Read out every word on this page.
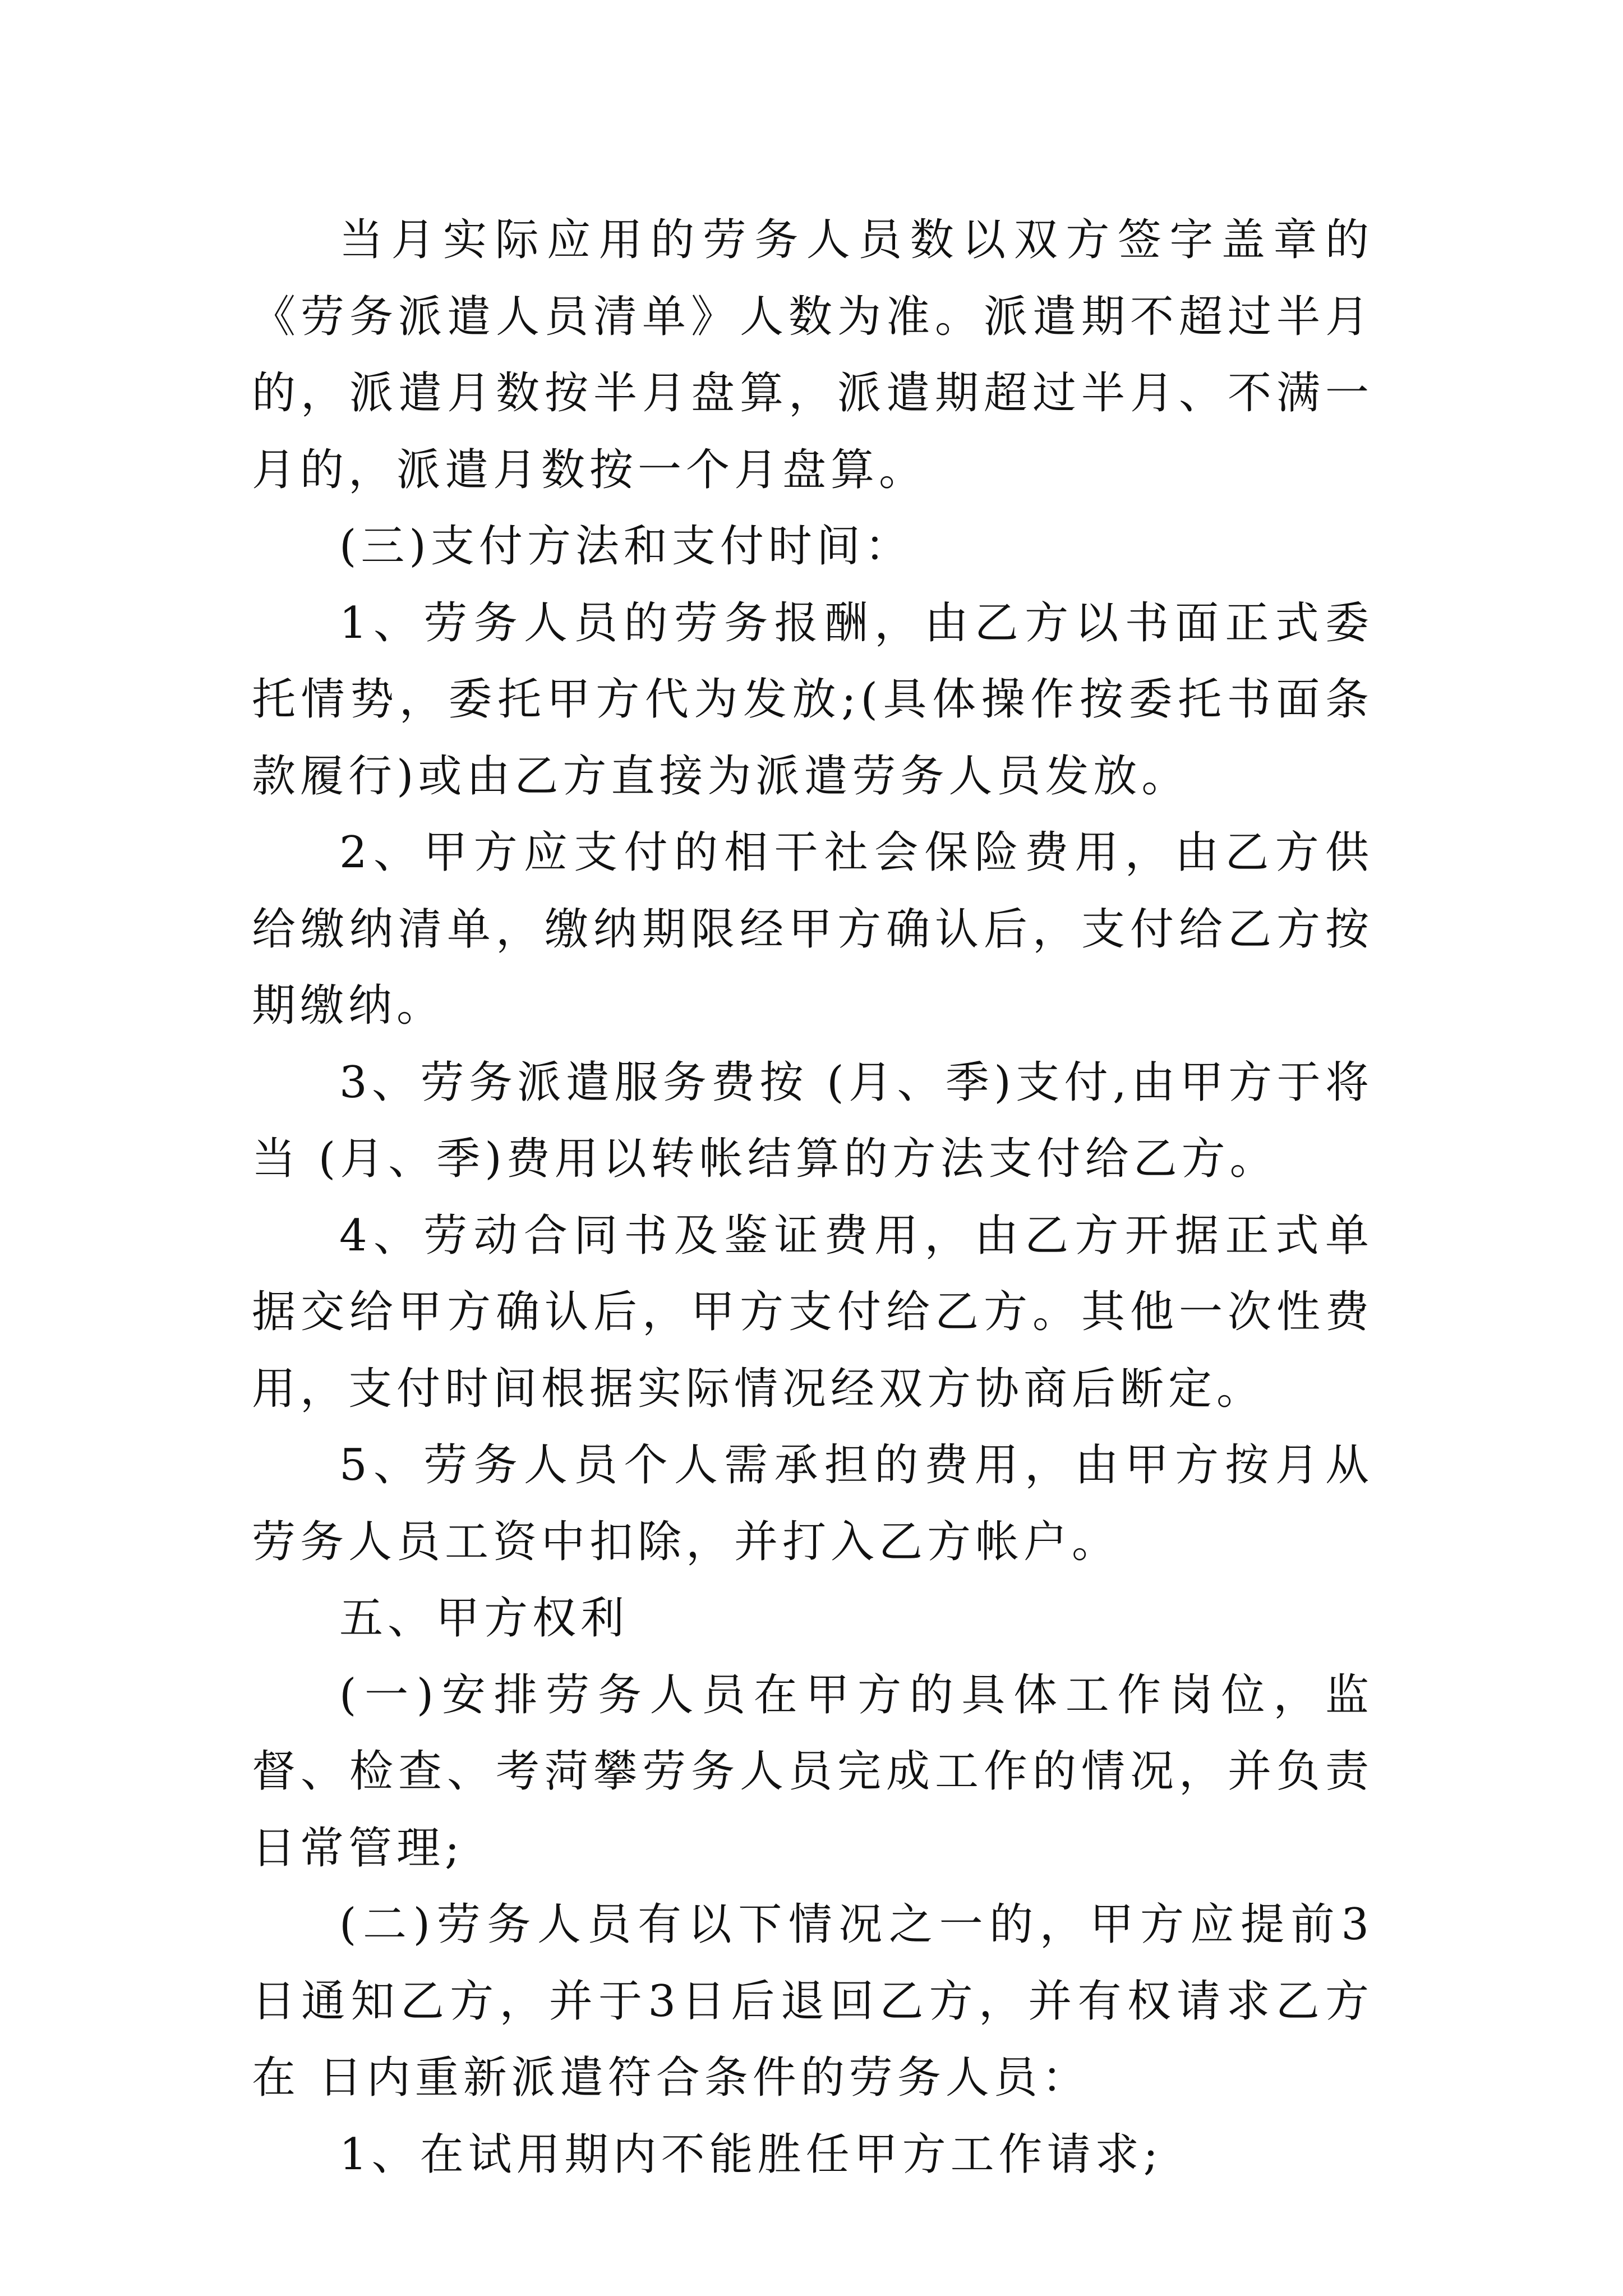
当月实际应用的劳务人员数以双方签字盖章的《劳务派遣人员清单》人数为准。派遣期不超过半月的，派遣月数按半月盘算，派遣期超过半月、不满一月的，派遣月数按一个月盘算。

(三)支付方法和支付时间：

1、劳务人员的劳务报酬，由乙方以书面正式委托情势，委托甲方代为发放;(具体操作按委托书面条款履行)或由乙方直接为派遣劳务人员发放。

2、甲方应支付的相干社会保险费用，由乙方供给缴纳清单，缴纳期限经甲方确认后，支付给乙方按期缴纳。

3、劳务派遣服务费按 (月、季)支付,由甲方于将当 (月、季)费用以转帐结算的方法支付给乙方。

4、劳动合同书及鉴证费用，由乙方开据正式单据交给甲方确认后，甲方支付给乙方。其他一次性费用，支付时间根据实际情况经双方协商后断定。

5、劳务人员个人需承担的费用，由甲方按月从劳务人员工资中扣除，并打入乙方帐户。

五、甲方权利

(一)安排劳务人员在甲方的具体工作岗位，监督、检查、考菏攀劳务人员完成工作的情况，并负责日常管理;

(二)劳务人员有以下情况之一的，甲方应提前3日通知乙方，并于3日后退回乙方，并有权请求乙方在 日内重新派遣符合条件的劳务人员：

1、在试用期内不能胜任甲方工作请求;
